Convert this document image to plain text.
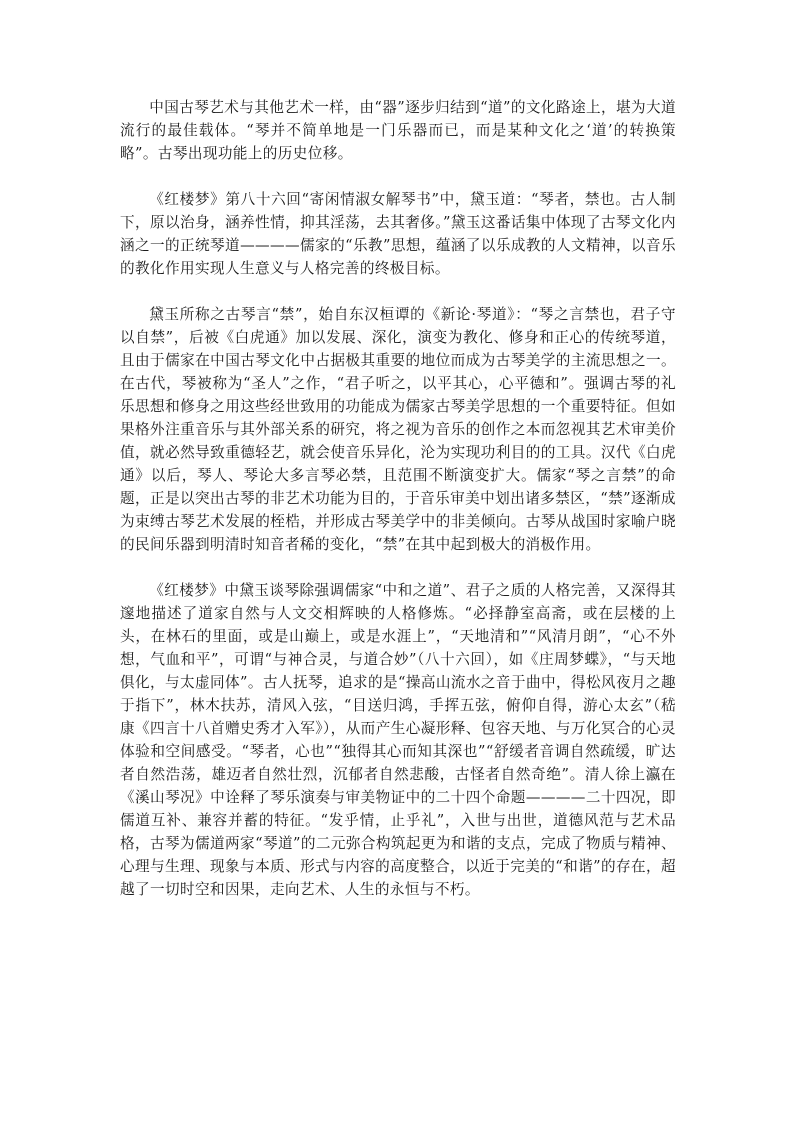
中国古琴艺术与其他艺术一样，由“器”逐步归结到“道”的文化路途上，堪为大道流行的最佳载体。“琴并不简单地是一门乐器而已，而是某种文化之‘道’的转换策略”。古琴出现功能上的历史位移。

《红楼梦》第八十六回“寄闲情淑女解琴书”中，黛玉道：“琴者，禁也。古人制下，原以治身，涵养性情，抑其淫荡，去其奢侈。”黛玉这番话集中体现了古琴文化内涵之一的正统琴道————儒家的“乐教”思想，蕴涵了以乐成教的人文精神，以音乐的教化作用实现人生意义与人格完善的终极目标。

黛玉所称之古琴言“禁”，始自东汉桓谭的《新论·琴道》：“琴之言禁也，君子守以自禁”，后被《白虎通》加以发展、深化，演变为教化、修身和正心的传统琴道，且由于儒家在中国古琴文化中占据极其重要的地位而成为古琴美学的主流思想之一。在古代，琴被称为“圣人”之作，“君子听之，以平其心，心平德和”。强调古琴的礼乐思想和修身之用这些经世致用的功能成为儒家古琴美学思想的一个重要特征。但如果格外注重音乐与其外部关系的研究，将之视为音乐的创作之本而忽视其艺术审美价值，就必然导致重德轻艺，就会使音乐异化，沦为实现功利目的的工具。汉代《白虎通》以后，琴人、琴论大多言琴必禁，且范围不断演变扩大。儒家“琴之言禁”的命题，正是以突出古琴的非艺术功能为目的，于音乐审美中划出诸多禁区，“禁”逐渐成为束缚古琴艺术发展的桎梏，并形成古琴美学中的非美倾向。古琴从战国时家喻户晓的民间乐器到明清时知音者稀的变化，“禁”在其中起到极大的消极作用。

《红楼梦》中黛玉谈琴除强调儒家“中和之道”、君子之质的人格完善，又深得其邃地描述了道家自然与人文交相辉映的人格修炼。“必择静室高斋，或在层楼的上头，在林石的里面，或是山巅上，或是水涯上”，“天地清和”“风清月朗”，“心不外想，气血和平”，可谓“与神合灵，与道合妙”（八十六回），如《庄周梦蝶》，“与天地俱化，与太虚同体”。古人抚琴，追求的是“操高山流水之音于曲中，得松风夜月之趣于指下”，林木扶苏，清风入弦，“目送归鸿，手挥五弦，俯仰自得，游心太玄”（嵇康《四言十八首赠史秀才入军》），从而产生心凝形释、包容天地、与万化冥合的心灵体验和空间感受。“琴者，心也”“独得其心而知其深也”“舒缓者音调自然疏缓，旷达者自然浩荡，雄迈者自然壮烈，沉郁者自然悲酸，古怪者自然奇绝”。清人徐上瀛在《溪山琴况》中诠释了琴乐演奏与审美物证中的二十四个命题————二十四况，即儒道互补、兼容并蓄的特征。“发乎情，止乎礼”，入世与出世，道德风范与艺术品格，古琴为儒道两家“琴道”的二元弥合构筑起更为和谐的支点，完成了物质与精神、心理与生理、现象与本质、形式与内容的高度整合，以近于完美的“和谐”的存在，超越了一切时空和因果，走向艺术、人生的永恒与不朽。
